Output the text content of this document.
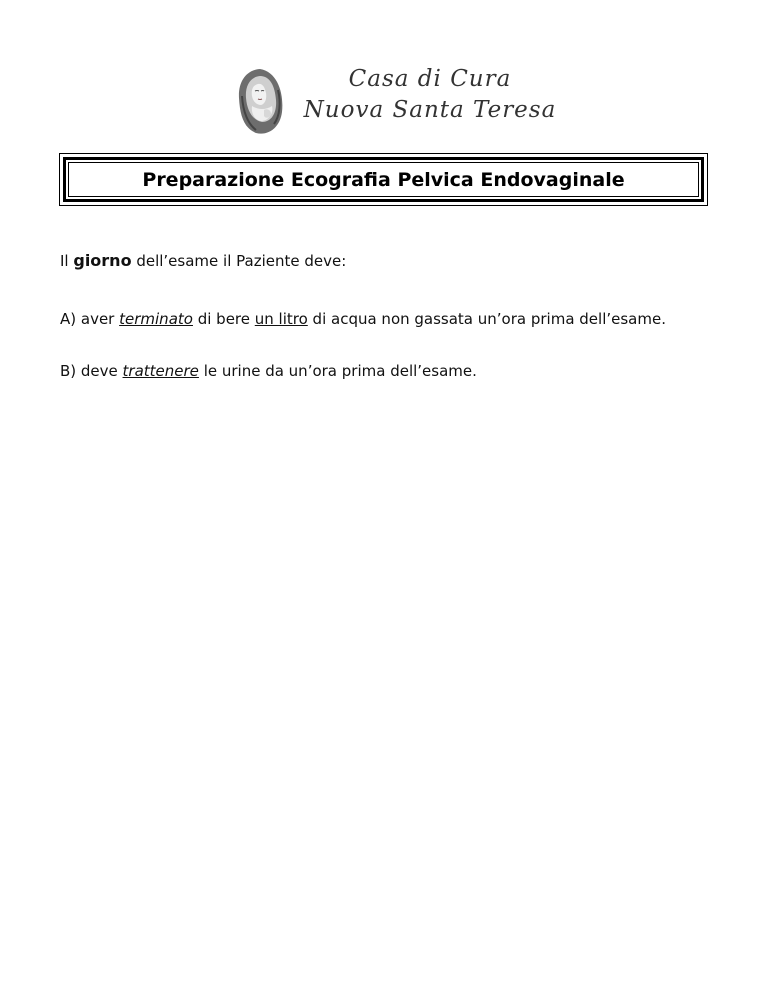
Casa di Cura
Nuova Santa Teresa
Preparazione Ecografia Pelvica Endovaginale

Il giorno dell’esame il Paziente deve:

A) aver terminato di bere un litro di acqua non gassata un’ora prima dell’esame.

B) deve trattenere le urine da un’ora prima dell’esame.
